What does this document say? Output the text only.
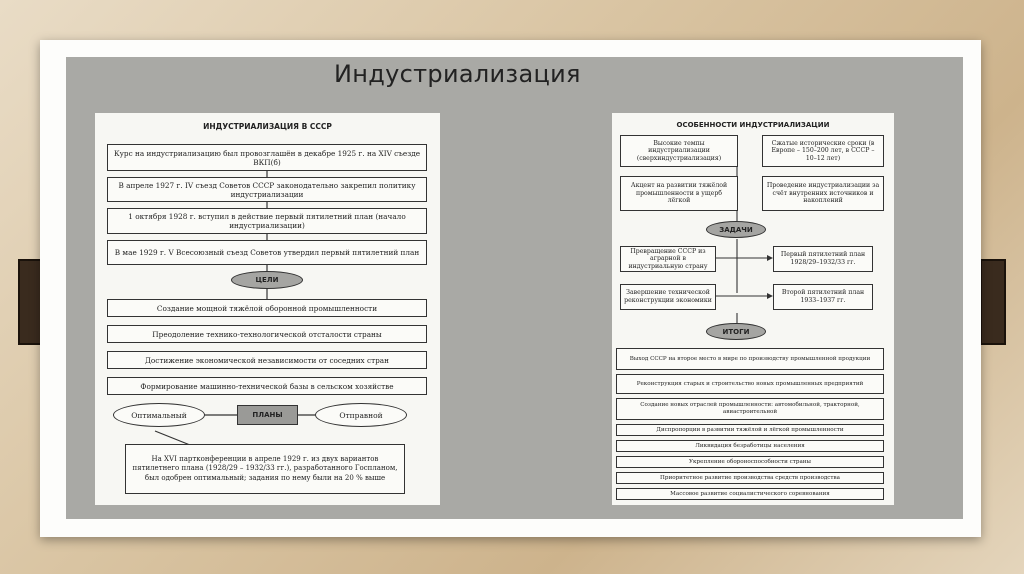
Индустриализация
ИНДУСТРИАЛИЗАЦИЯ В СССР
Курс на индустриализацию был провозглашён в декабре 1925 г. на XIV съезде ВКП(б)
В апреле 1927 г. IV съезд Советов СССР законодательно закрепил политику индустриализации
1 октября 1928 г. вступил в действие первый пятилетний план (начало индустриализации)
В мае 1929 г. V Всесоюзный съезд Советов утвердил первый пятилетний план
ЦЕЛИ
Создание мощной тяжёлой оборонной промышленности
Преодоление технико-технологической отсталости страны
Достижение экономической независимости от соседних стран
Формирование машинно-технической базы в сельском хозяйстве
Оптимальный	ПЛАНЫ	Отправной
На XVI партконференции в апреле 1929 г. из двух вариантов пятилетнего плана (1928/29 – 1932/33 гг.), разработанного Госпланом, был одобрен оптимальный; задания по нему были на 20 % выше
ОСОБЕННОСТИ ИНДУСТРИАЛИЗАЦИИ
Высокие темпы индустриализации (сверхиндустриализация)
Сжатые исторические сроки (в Европе – 150–200 лет, в СССР – 10–12 лет)
Акцент на развитии тяжёлой промышленности в ущерб лёгкой
Проведение индустриализации за счёт внутренних источников и накоплений
ЗАДАЧИ
Превращение СССР из аграрной в индустриальную страну
Первый пятилетний план 1928/29–1932/33 гг.
Завершение технической реконструкции экономики
Второй пятилетний план 1933–1937 гг.
ИТОГИ
Выход СССР на второе место в мире по производству промышленной продукции
Реконструкция старых и строительство новых промышленных предприятий
Создание новых отраслей промышленности: автомобильной, тракторной, авиастроительной
Диспропорции в развитии тяжёлой и лёгкой промышленности
Ликвидация безработицы населения
Укрепление обороноспособности страны
Приоритетное развитие производства средств производства
Массовое развитие социалистического соревнования
